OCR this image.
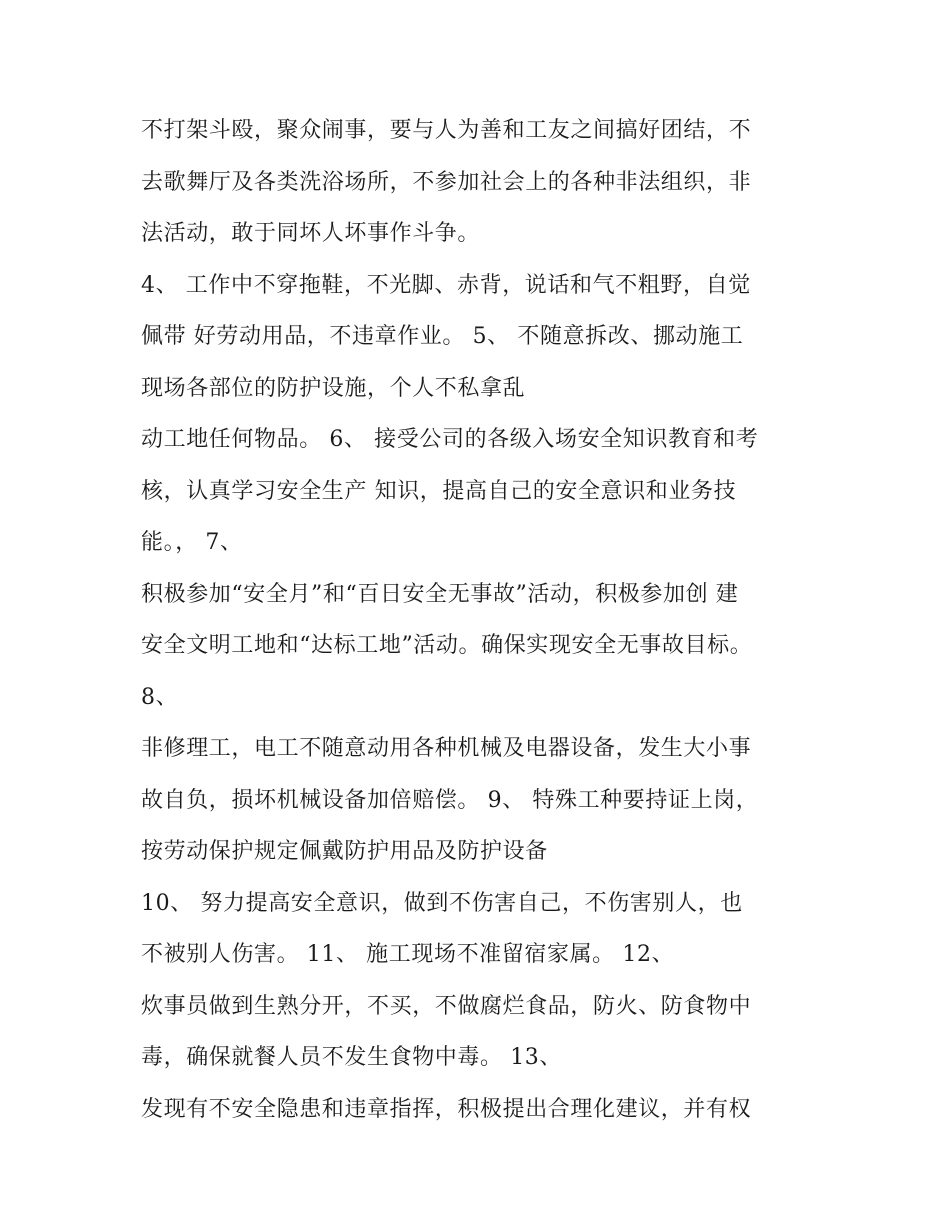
不打架斗殴，聚众闹事，要与人为善和工友之间搞好团结，不
去歌舞厅及各类洗浴场所，不参加社会上的各种非法组织，非
法活动，敢于同坏人坏事作斗争。
4、 工作中不穿拖鞋，不光脚、赤背，说话和气不粗野，自觉
佩带 好劳动用品，不违章作业。 5、 不随意拆改、挪动施工
现场各部位的防护设施，个人不私拿乱
动工地任何物品。 6、 接受公司的各级入场安全知识教育和考
核，认真学习安全生产 知识，提高自己的安全意识和业务技
能。， 7、
积极参加“安全月”和“百日安全无事故”活动，积极参加创 建
安全文明工地和“达标工地”活动。确保实现安全无事故目标。
8、
非修理工，电工不随意动用各种机械及电器设备，发生大小事
故自负，损坏机械设备加倍赔偿。 9、 特殊工种要持证上岗，
按劳动保护规定佩戴防护用品及防护设备
10、 努力提高安全意识，做到不伤害自己，不伤害别人，也
不被别人伤害。 11、 施工现场不准留宿家属。 12、
炊事员做到生熟分开，不买，不做腐烂食品，防火、防食物中
毒，确保就餐人员不发生食物中毒。 13、
发现有不安全隐患和违章指挥，积极提出合理化建议，并有权
